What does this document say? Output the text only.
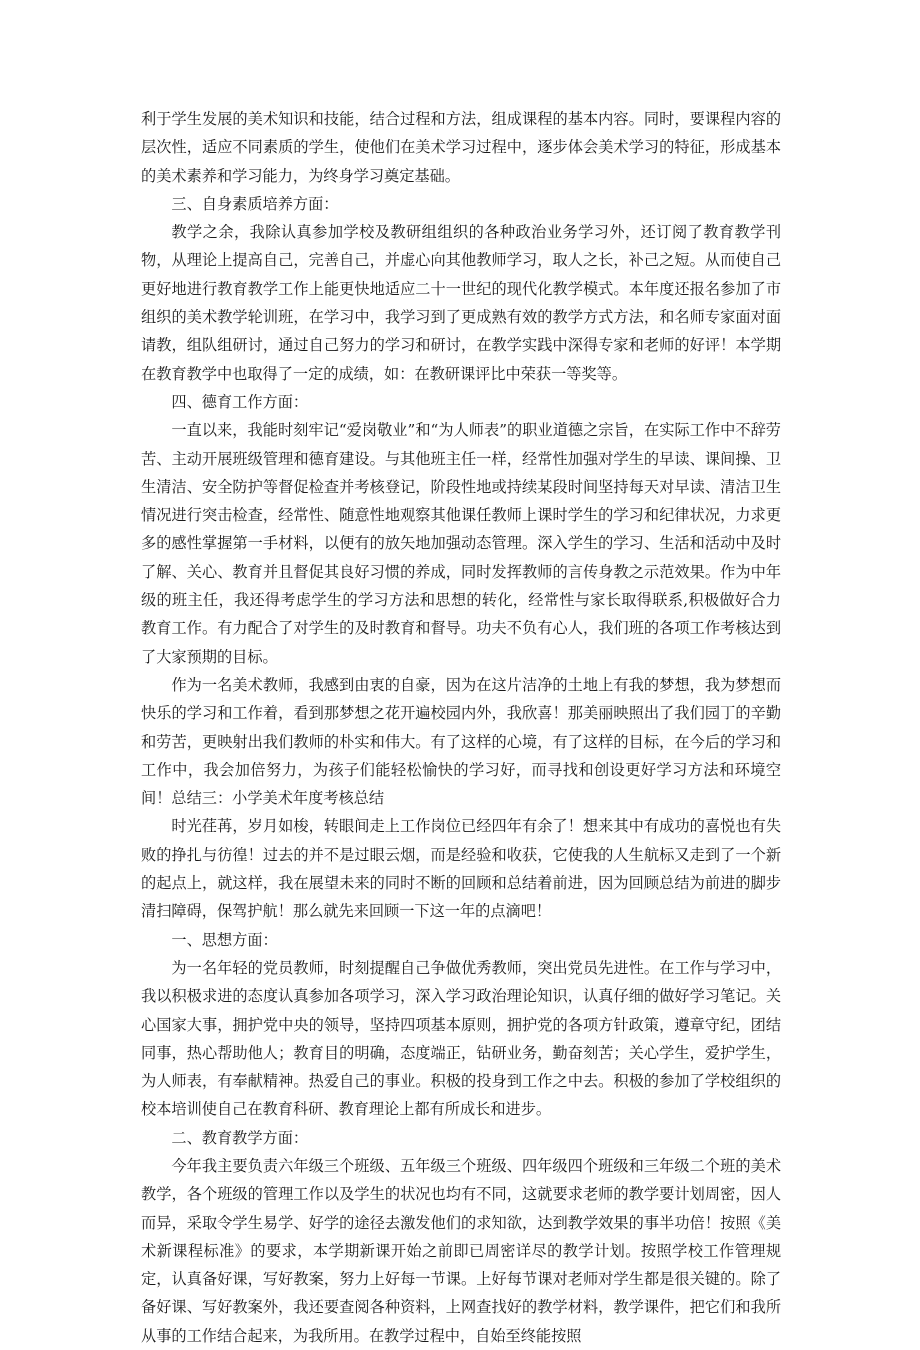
利于学生发展的美术知识和技能，结合过程和方法，组成课程的基本内容。同时，要课程内容的层次性，适应不同素质的学生，使他们在美术学习过程中，逐步体会美术学习的特征，形成基本的美术素养和学习能力，为终身学习奠定基础。

三、自身素质培养方面：

教学之余，我除认真参加学校及教研组组织的各种政治业务学习外，还订阅了教育教学刊物，从理论上提高自己，完善自己，并虚心向其他教师学习，取人之长，补己之短。从而使自己更好地进行教育教学工作上能更快地适应二十一世纪的现代化教学模式。本年度还报名参加了市组织的美术教学轮训班，在学习中，我学习到了更成熟有效的教学方式方法，和名师专家面对面请教，组队组研讨，通过自己努力的学习和研讨，在教学实践中深得专家和老师的好评！本学期在教育教学中也取得了一定的成绩，如：在教研课评比中荣获一等奖等。

四、德育工作方面：

一直以来，我能时刻牢记“爱岗敬业”和“为人师表”的职业道德之宗旨，在实际工作中不辞劳苦、主动开展班级管理和德育建设。与其他班主任一样，经常性加强对学生的早读、课间操、卫生清洁、安全防护等督促检查并考核登记，阶段性地或持续某段时间坚持每天对早读、清洁卫生情况进行突击检查，经常性、随意性地观察其他课任教师上课时学生的学习和纪律状况，力求更多的感性掌握第一手材料，以便有的放矢地加强动态管理。深入学生的学习、生活和活动中及时了解、关心、教育并且督促其良好习惯的养成，同时发挥教师的言传身教之示范效果。作为中年级的班主任，我还得考虑学生的学习方法和思想的转化，经常性与家长取得联系,积极做好合力教育工作。有力配合了对学生的及时教育和督导。功夫不负有心人，我们班的各项工作考核达到了大家预期的目标。

作为一名美术教师，我感到由衷的自豪，因为在这片洁净的土地上有我的梦想，我为梦想而快乐的学习和工作着，看到那梦想之花开遍校园内外，我欣喜！那美丽映照出了我们园丁的辛勤和劳苦，更映射出我们教师的朴实和伟大。有了这样的心境，有了这样的目标，在今后的学习和工作中，我会加倍努力，为孩子们能轻松愉快的学习好，而寻找和创设更好学习方法和环境空间！总结三：小学美术年度考核总结

时光荏苒，岁月如梭，转眼间走上工作岗位已经四年有余了！想来其中有成功的喜悦也有失败的挣扎与彷徨！过去的并不是过眼云烟，而是经验和收获，它使我的人生航标又走到了一个新的起点上，就这样，我在展望未来的同时不断的回顾和总结着前进，因为回顾总结为前进的脚步清扫障碍，保驾护航！那么就先来回顾一下这一年的点滴吧！

一、思想方面：

为一名年轻的党员教师，时刻提醒自己争做优秀教师，突出党员先进性。在工作与学习中，我以积极求进的态度认真参加各项学习，深入学习政治理论知识，认真仔细的做好学习笔记。关心国家大事，拥护党中央的领导，坚持四项基本原则，拥护党的各项方针政策，遵章守纪，团结同事，热心帮助他人；教育目的明确，态度端正，钻研业务，勤奋刻苦；关心学生，爱护学生，为人师表，有奉献精神。热爱自己的事业。积极的投身到工作之中去。积极的参加了学校组织的校本培训使自己在教育科研、教育理论上都有所成长和进步。

二、教育教学方面：

今年我主要负责六年级三个班级、五年级三个班级、四年级四个班级和三年级二个班的美术教学，各个班级的管理工作以及学生的状况也均有不同，这就要求老师的教学要计划周密，因人而异，采取令学生易学、好学的途径去激发他们的求知欲，达到教学效果的事半功倍！按照《美术新课程标准》的要求，本学期新课开始之前即已周密详尽的教学计划。按照学校工作管理规定，认真备好课，写好教案，努力上好每一节课。上好每节课对老师对学生都是很关键的。除了备好课、写好教案外，我还要查阅各种资料，上网查找好的教学材料，教学课件，把它们和我所从事的工作结合起来，为我所用。在教学过程中，自始至终能按照
